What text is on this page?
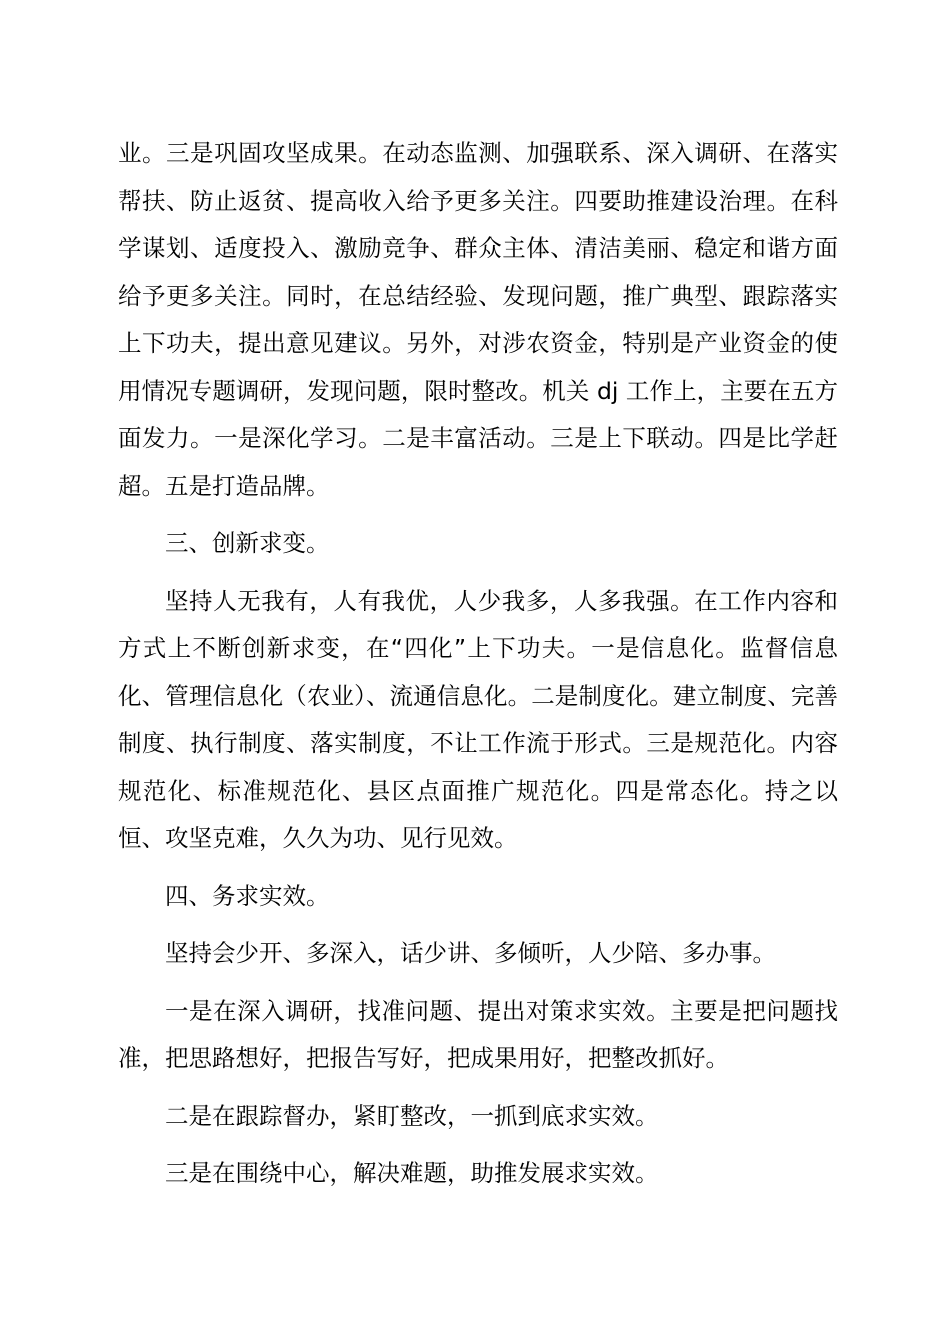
业。三是巩固攻坚成果。在动态监测、加强联系、深入调研、在落实帮扶、防止返贫、提高收入给予更多关注。四要助推建设治理。在科学谋划、适度投入、激励竞争、群众主体、清洁美丽、稳定和谐方面给予更多关注。同时，在总结经验、发现问题，推广典型、跟踪落实上下功夫，提出意见建议。另外，对涉农资金，特别是产业资金的使用情况专题调研，发现问题，限时整改。机关 dj 工作上，主要在五方面发力。一是深化学习。二是丰富活动。三是上下联动。四是比学赶超。五是打造品牌。

三、创新求变。

坚持人无我有，人有我优，人少我多，人多我强。在工作内容和方式上不断创新求变，在“四化”上下功夫。一是信息化。监督信息化、管理信息化（农业）、流通信息化。二是制度化。建立制度、完善制度、执行制度、落实制度，不让工作流于形式。三是规范化。内容规范化、标准规范化、县区点面推广规范化。四是常态化。持之以恒、攻坚克难，久久为功、见行见效。

四、务求实效。

坚持会少开、多深入，话少讲、多倾听，人少陪、多办事。

一是在深入调研，找准问题、提出对策求实效。主要是把问题找准，把思路想好，把报告写好，把成果用好，把整改抓好。

二是在跟踪督办，紧盯整改，一抓到底求实效。

三是在围绕中心，解决难题，助推发展求实效。
